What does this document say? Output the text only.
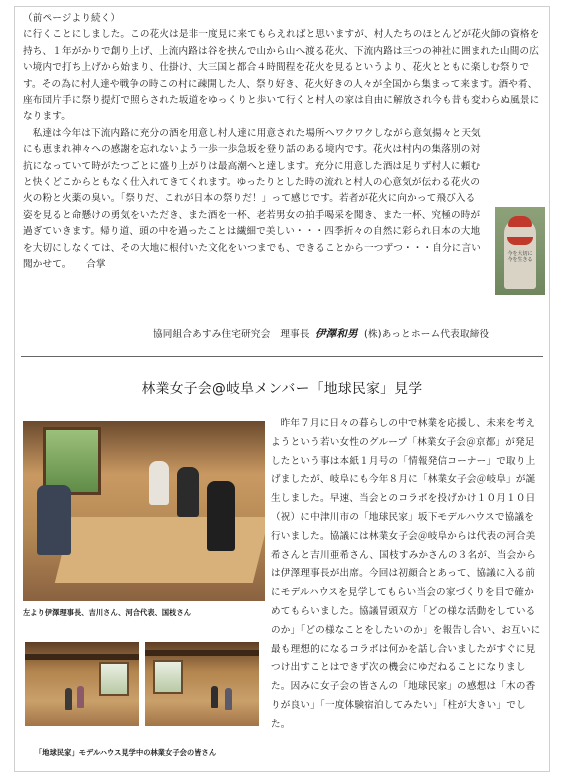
（前ページより続く）

に行くことにしました。この花火は是非一度見に来てもらえればと思いますが、村人たちのほとんどが花火師の資格を持ち、１年がかりで創り上げ、上流内路は谷を挟んで山から山へ渡る花火、下流内路は三つの神社に囲まれた山間の広い境内で打ち上げから始まり、仕掛け、大三国と都合４時間程を花火を見るというより、花火とともに楽しむ祭りです。その為に村人達や戦争の時この村に疎開した人、祭り好き、花火好きの人々が全国から集まって来ます。酒や肴、座布団片手に祭り提灯で照らされた坂道をゆっくりと歩いて行くと村人の家は自由に解放され今も昔も変わらぬ風景になります。

私達は今年は下流内路に充分の酒を用意し村人達に用意された場所へワクワクしながら意気揚々と天気にも恵まれ神々への感謝を忘れないよう一歩一歩急坂を登り話のある境内です。花火は村内の集落別の対抗になっていて時がたつごとに盛り上がりは最高潮へと達します。充分に用意した酒は足りず村人に頼むと快くどこからともなく仕入れてきてくれます。ゆったりとした時の流れと村人の心意気が伝わる花火の火の粉と火薬の臭い。「祭りだ、これが日本の祭りだ！」って感じです。若者が花火に向かって飛び入る姿を見ると命懸けの勇気をいただき、また酒を一杯、老若男女の拍手喝采を聞き、また一杯、究極の時が過ぎていきます。帰り道、頭の中を過ったことは繊細で美しい・・・四季折々の自然に彩られ日本の大地を大切にしなくては、その大地に根付いた文化をいつまでも、できることから一つずつ・・・自分に言い聞かせて。　　合掌

今を大切に今を生きる
協同組合あすみ住宅研究会　理事長 伊澤和男 (株)あっとホーム代表取締役
林業女子会@岐阜メンバー「地球民家」見学
左より伊澤理事長、吉川さん、河合代表、国枝さん
「地球民家」モデルハウス見学中の林業女子会の皆さん
昨年７月に日々の暮らしの中で林業を応援し、未来を考えようという若い女性のグループ「林業女子会＠京都」が発足したという事は本紙１月号の「情報発信コーナー」で取り上げましたが、岐阜にも今年８月に「林業女子会＠岐阜」が誕生しました。早速、当会とのコラボを投げかけ１０月１０日（祝）に中津川市の「地球民家」坂下モデルハウスで協議を行いました。協議には林業女子会＠岐阜からは代表の河合美希さんと吉川亜希さん、国枝すみかさんの３名が、当会からは伊澤理事長が出席。今回は初顔合とあって、協議に入る前にモデルハウスを見学してもらい当会の家づくりを目で確かめてもらいました。協議冒頭双方「どの様な活動をしているのか」「どの様なことをしたいのか」を報告し合い、お互いに最も理想的になるコラボは何かを話し合いましたがすぐに見つけ出すことはできず次の機会にゆだねることになりました。因みに女子会の皆さんの「地球民家」の感想は「木の香りが良い」「一度体験宿泊してみたい」「柱が大きい」でした。
